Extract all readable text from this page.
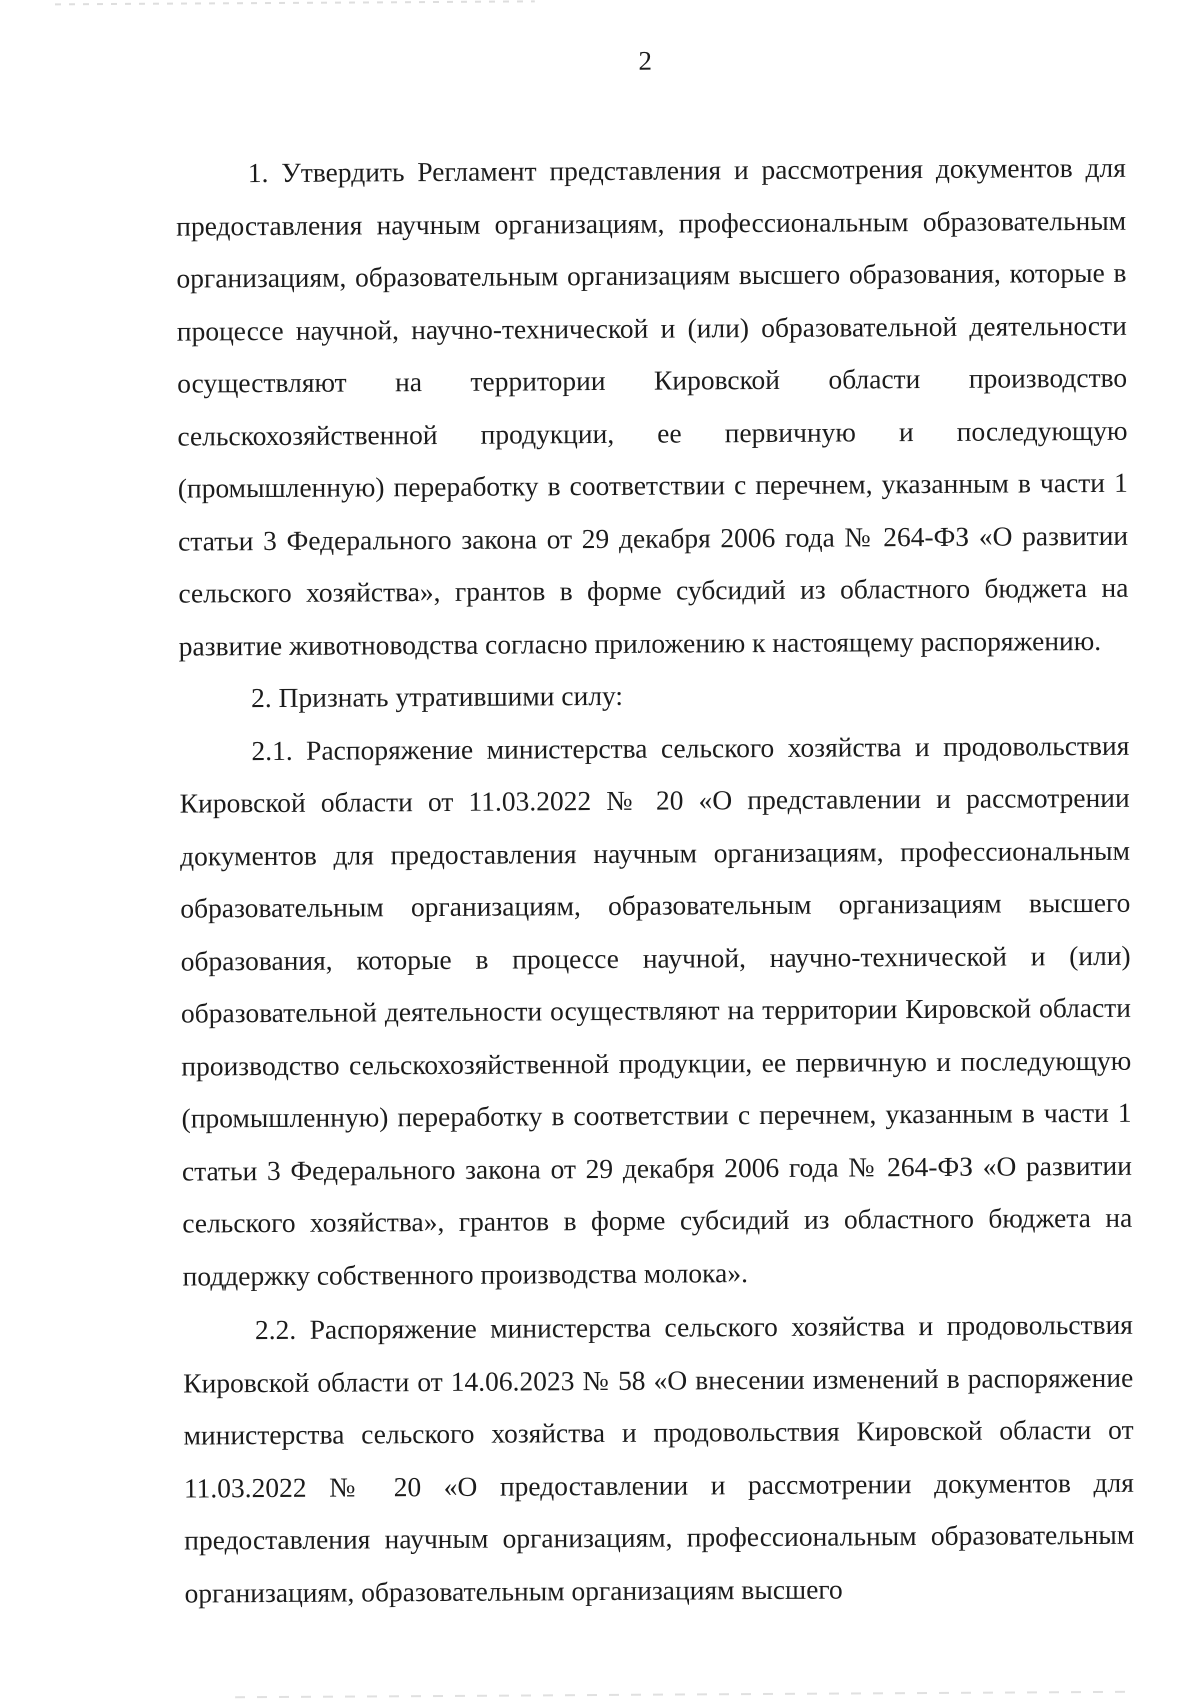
2

1. Утвердить Регламент представления и рассмотрения документов для предоставления научным организациям, профессиональным образовательным организациям, образовательным организациям высшего образования, которые в процессе научной, научно-технической и (или) образовательной деятельности осуществляют на территории Кировской области производство сельскохозяйственной продукции, ее первичную и последующую (промышленную) переработку в соответствии с перечнем, указанным в части 1 статьи 3 Федерального закона от 29 декабря 2006 года № 264-ФЗ «О развитии сельского хозяйства», грантов в форме субсидий из областного бюджета на развитие животноводства согласно приложению к настоящему распоряжению.

2. Признать утратившими силу:

2.1. Распоряжение министерства сельского хозяйства и продовольствия Кировской области от 11.03.2022 № 20 «О представлении и рассмотрении документов для предоставления научным организациям, профессиональным образовательным организациям, образовательным организациям высшего образования, которые в процессе научной, научно-технической и (или) образовательной деятельности осуществляют на территории Кировской области производство сельскохозяйственной продукции, ее первичную и последующую (промышленную) переработку в соответствии с перечнем, указанным в части 1 статьи 3 Федерального закона от 29 декабря 2006 года № 264-ФЗ «О развитии сельского хозяйства», грантов в форме субсидий из областного бюджета на поддержку собственного производства молока».

2.2. Распоряжение министерства сельского хозяйства и продовольствия Кировской области от 14.06.2023 № 58 «О внесении изменений в распоряжение министерства сельского хозяйства и продовольствия Кировской области от 11.03.2022 № 20 «О предоставлении и рассмотрении документов для предоставления научным организациям, профессиональным образовательным организациям, образовательным организациям высшего
